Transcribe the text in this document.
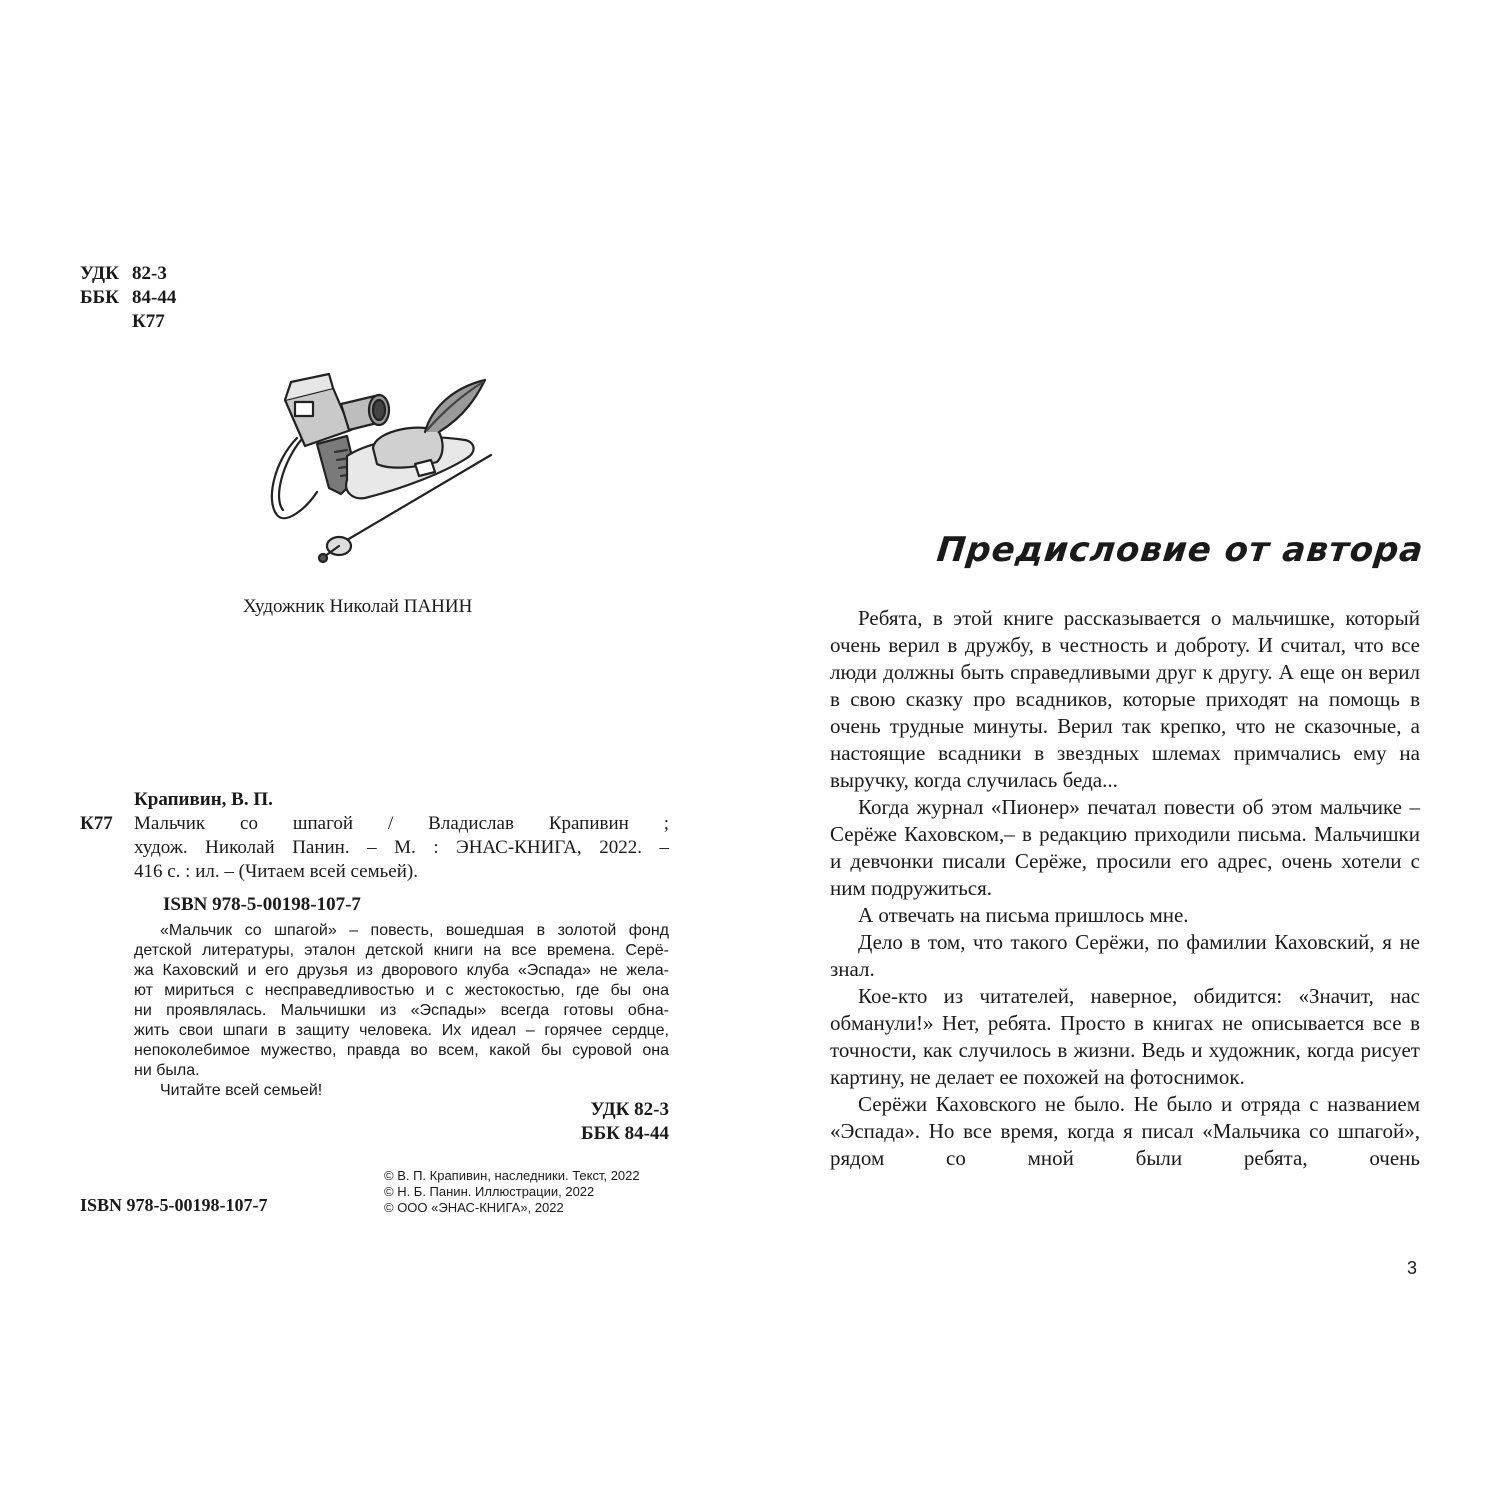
УДК 82-3
ББК 84-44
К77
Художник Николай ПАНИН
Крапивин, В. П.
К77 Мальчик со шпагой / Владислав Крапивин ;
худож. Николай Панин. – М. : ЭНАС-КНИГА, 2022. –
416 с. : ил. – (Читаем всей семьей).
ISBN 978-5-00198-107-7

«Мальчик со шпагой» – повесть, вошедшая в золотой фонд

детской литературы, эталон детской книги на все времена. Серё-

жа Каховский и его друзья из дворового клуба «Эспада» не жела-

ют мириться с несправедливостью и с жестокостью, где бы она

ни проявлялась. Мальчишки из «Эспады» всегда готовы обна-

жить свои шпаги в защиту человека. Их идеал – горячее сердце,

непоколебимое мужество, правда во всем, какой бы суровой она

ни была.

Читайте всей семьей!

УДК 82-3
ББК 84-44
© В. П. Крапивин, наследники. Текст, 2022
© Н. Б. Панин. Иллюстрации, 2022
© ООО «ЭНАС-КНИГА», 2022
ISBN 978-5-00198-107-7
Предисловие от автора

Ребята, в этой книге рассказывается о мальчишке, который очень верил в дружбу, в честность и доброту. И считал, что все люди должны быть справедливыми друг к другу. А еще он верил в свою сказку про всадников, которые приходят на помощь в очень трудные минуты. Верил так крепко, что не сказочные, а настоящие всадники в звездных шлемах примчались ему на выручку, когда случилась беда...

Когда журнал «Пионер» печатал повести об этом мальчике – Серёже Каховском,– в редакцию приходили письма. Мальчишки и девчонки писали Серёже, просили его адрес, очень хотели с ним подружиться.

А отвечать на письма пришлось мне.

Дело в том, что такого Серёжи, по фамилии Каховский, я не знал.

Кое-кто из читателей, наверное, обидится: «Значит, нас обманули!» Нет, ребята. Просто в книгах не описывается все в точности, как случилось в жизни. Ведь и художник, когда рисует картину, не делает ее похожей на фотоснимок.

Серёжи Каховского не было. Не было и отряда с названием «Эспада». Но все время, когда я писал «Мальчика со шпагой», рядом со мной были ребята, очень

3
